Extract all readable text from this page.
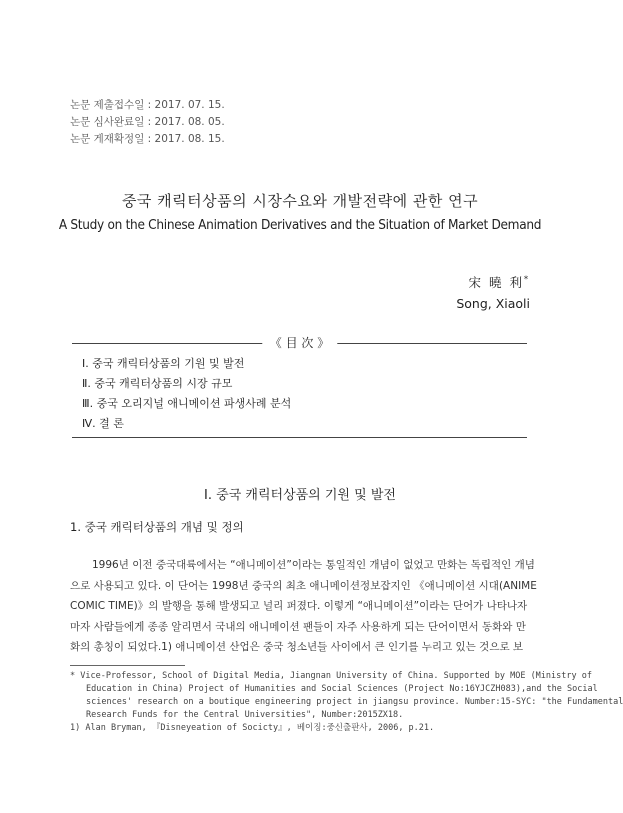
논문 제출접수일 : 2017. 07. 15.
논문 심사완료일 : 2017. 08. 05.
논문 게재확정일 : 2017. 08. 15.
중국 캐릭터상품의 시장수요와 개발전략에 관한 연구
A Study on the Chinese Animation Derivatives and the Situation of Market Demand
宋 曉 利*
Song, Xiaoli
《 目 次 》
Ⅰ. 중국 캐릭터상품의 기원 및 발전
Ⅱ. 중국 캐릭터상품의 시장 규모
Ⅲ. 중국 오리지널 애니메이션 파생사례 분석
Ⅳ. 결 론
Ⅰ. 중국 캐릭터상품의 기원 및 발전
1. 중국 캐릭터상품의 개념 및 정의
1996년 이전 중국대륙에서는 “애니메이션”이라는 통일적인 개념이 없었고 만화는 독립적인 개념
으로 사용되고 있다. 이 단어는 1998년 중국의 최초 애니메이션정보잡지인 《애니메이션 시대(ANIME
COMIC TIME)》의 발행을 통해 발생되고 널리 퍼졌다. 이렇게 “애니메이션”이라는 단어가 나타나자
마자 사람들에게 종종 알리면서 국내의 애니메이션 팬들이 자주 사용하게 되는 단어이면서 동화와 만
화의 총칭이 되었다.1) 애니메이션 산업은 중국 청소년들 사이에서 큰 인기를 누리고 있는 것으로 보
* Vice-Professor, School of Digital Media, Jiangnan University of China. Supported by MOE (Ministry of
Education in China) Project of Humanities and Social Sciences (Project No:16YJCZH083),and the Social
sciences' research on a boutique engineering project in jiangsu province. Number:15-SYC: "the Fundamental
Research Funds for the Central Universities", Number:2015ZX18.
1) Alan Bryman, 『Disneyeation of Socicty』, 베이징:중신출판사, 2006, p.21.
